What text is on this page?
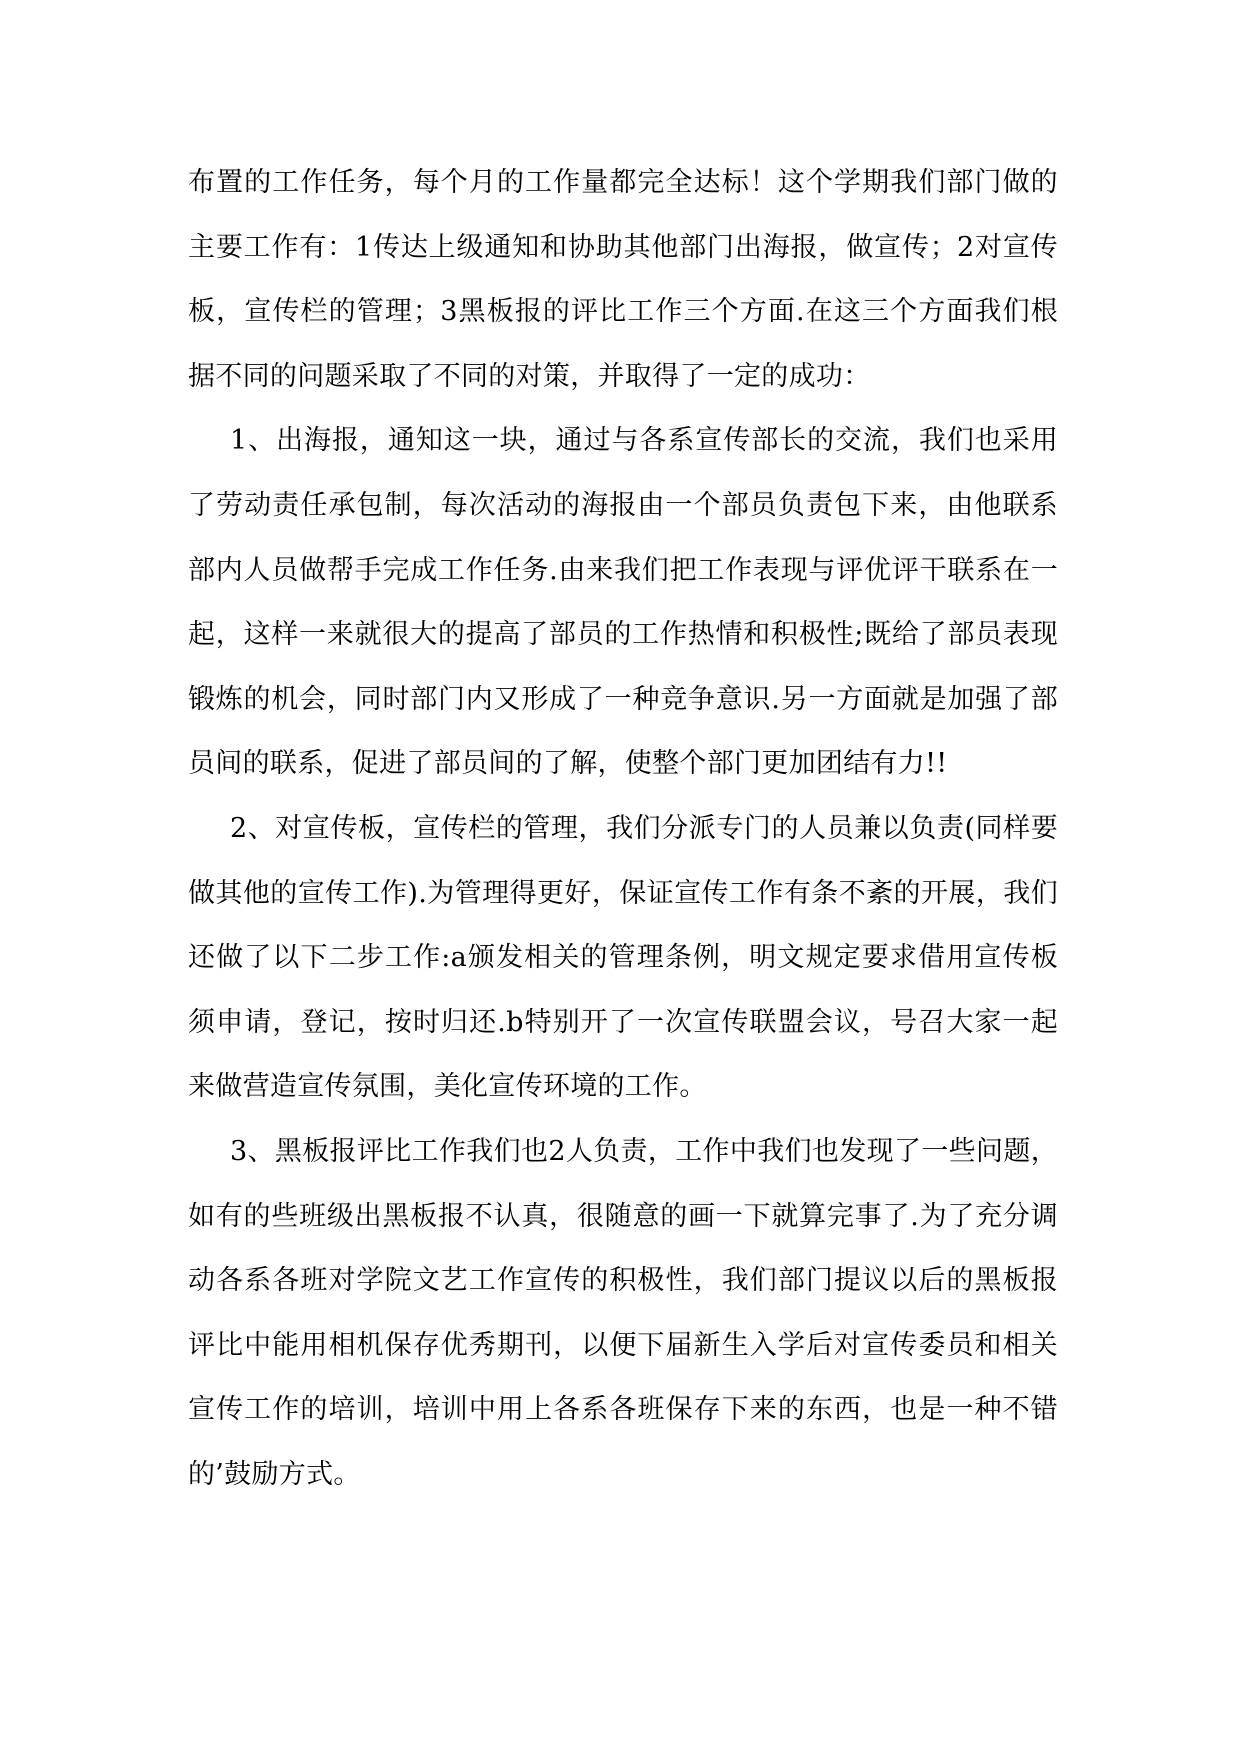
布置的工作任务，每个月的工作量都完全达标！这个学期我们部门做的主要工作有：1传达上级通知和协助其他部门出海报，做宣传；2对宣传板，宣传栏的管理；3黑板报的评比工作三个方面.在这三个方面我们根据不同的问题采取了不同的对策，并取得了一定的成功：

1、出海报，通知这一块，通过与各系宣传部长的交流，我们也采用了劳动责任承包制，每次活动的海报由一个部员负责包下来，由他联系部内人员做帮手完成工作任务.由来我们把工作表现与评优评干联系在一起，这样一来就很大的提高了部员的工作热情和积极性;既给了部员表现锻炼的机会，同时部门内又形成了一种竞争意识.另一方面就是加强了部员间的联系，促进了部员间的了解，使整个部门更加团结有力!!

2、对宣传板，宣传栏的管理，我们分派专门的人员兼以负责(同样要做其他的宣传工作).为管理得更好，保证宣传工作有条不紊的开展，我们还做了以下二步工作:a颁发相关的管理条例，明文规定要求借用宣传板须申请，登记，按时归还.b特别开了一次宣传联盟会议，号召大家一起来做营造宣传氛围，美化宣传环境的工作。

3、黑板报评比工作我们也2人负责，工作中我们也发现了一些问题，如有的些班级出黑板报不认真，很随意的画一下就算完事了.为了充分调动各系各班对学院文艺工作宣传的积极性，我们部门提议以后的黑板报评比中能用相机保存优秀期刊，以便下届新生入学后对宣传委员和相关宣传工作的培训，培训中用上各系各班保存下来的东西，也是一种不错的’鼓励方式。
